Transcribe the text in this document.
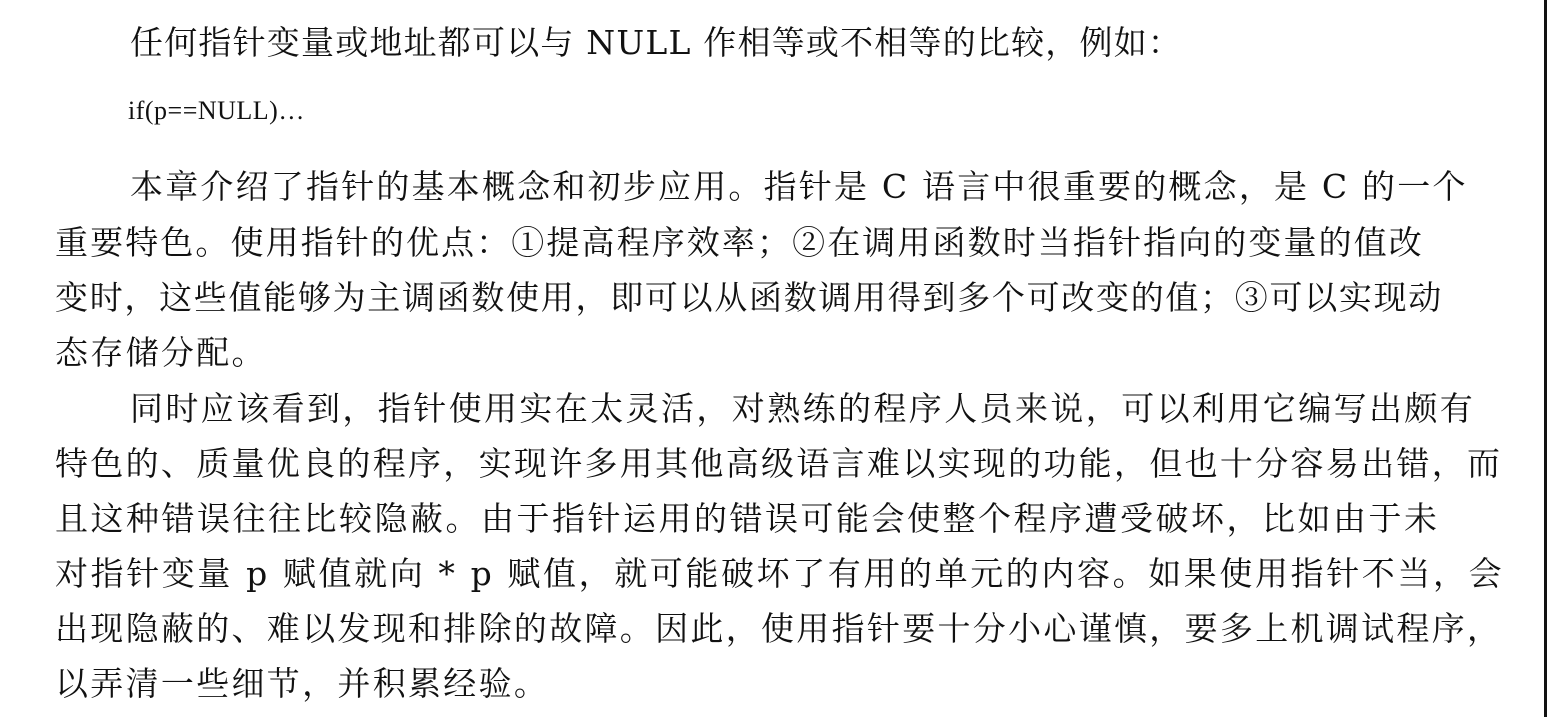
任何指针变量或地址都可以与 NULL 作相等或不相等的比较，例如：
if(p==NULL)…
本章介绍了指针的基本概念和初步应用。指针是 C 语言中很重要的概念，是 C 的一个
重要特色。使用指针的优点：①提高程序效率；②在调用函数时当指针指向的变量的值改
变时，这些值能够为主调函数使用，即可以从函数调用得到多个可改变的值；③可以实现动
态存储分配。
同时应该看到，指针使用实在太灵活，对熟练的程序人员来说，可以利用它编写出颇有
特色的、质量优良的程序，实现许多用其他高级语言难以实现的功能，但也十分容易出错，而
且这种错误往往比较隐蔽。由于指针运用的错误可能会使整个程序遭受破坏，比如由于未
对指针变量 p 赋值就向 * p 赋值，就可能破坏了有用的单元的内容。如果使用指针不当，会
出现隐蔽的、难以发现和排除的故障。因此，使用指针要十分小心谨慎，要多上机调试程序，
以弄清一些细节，并积累经验。
